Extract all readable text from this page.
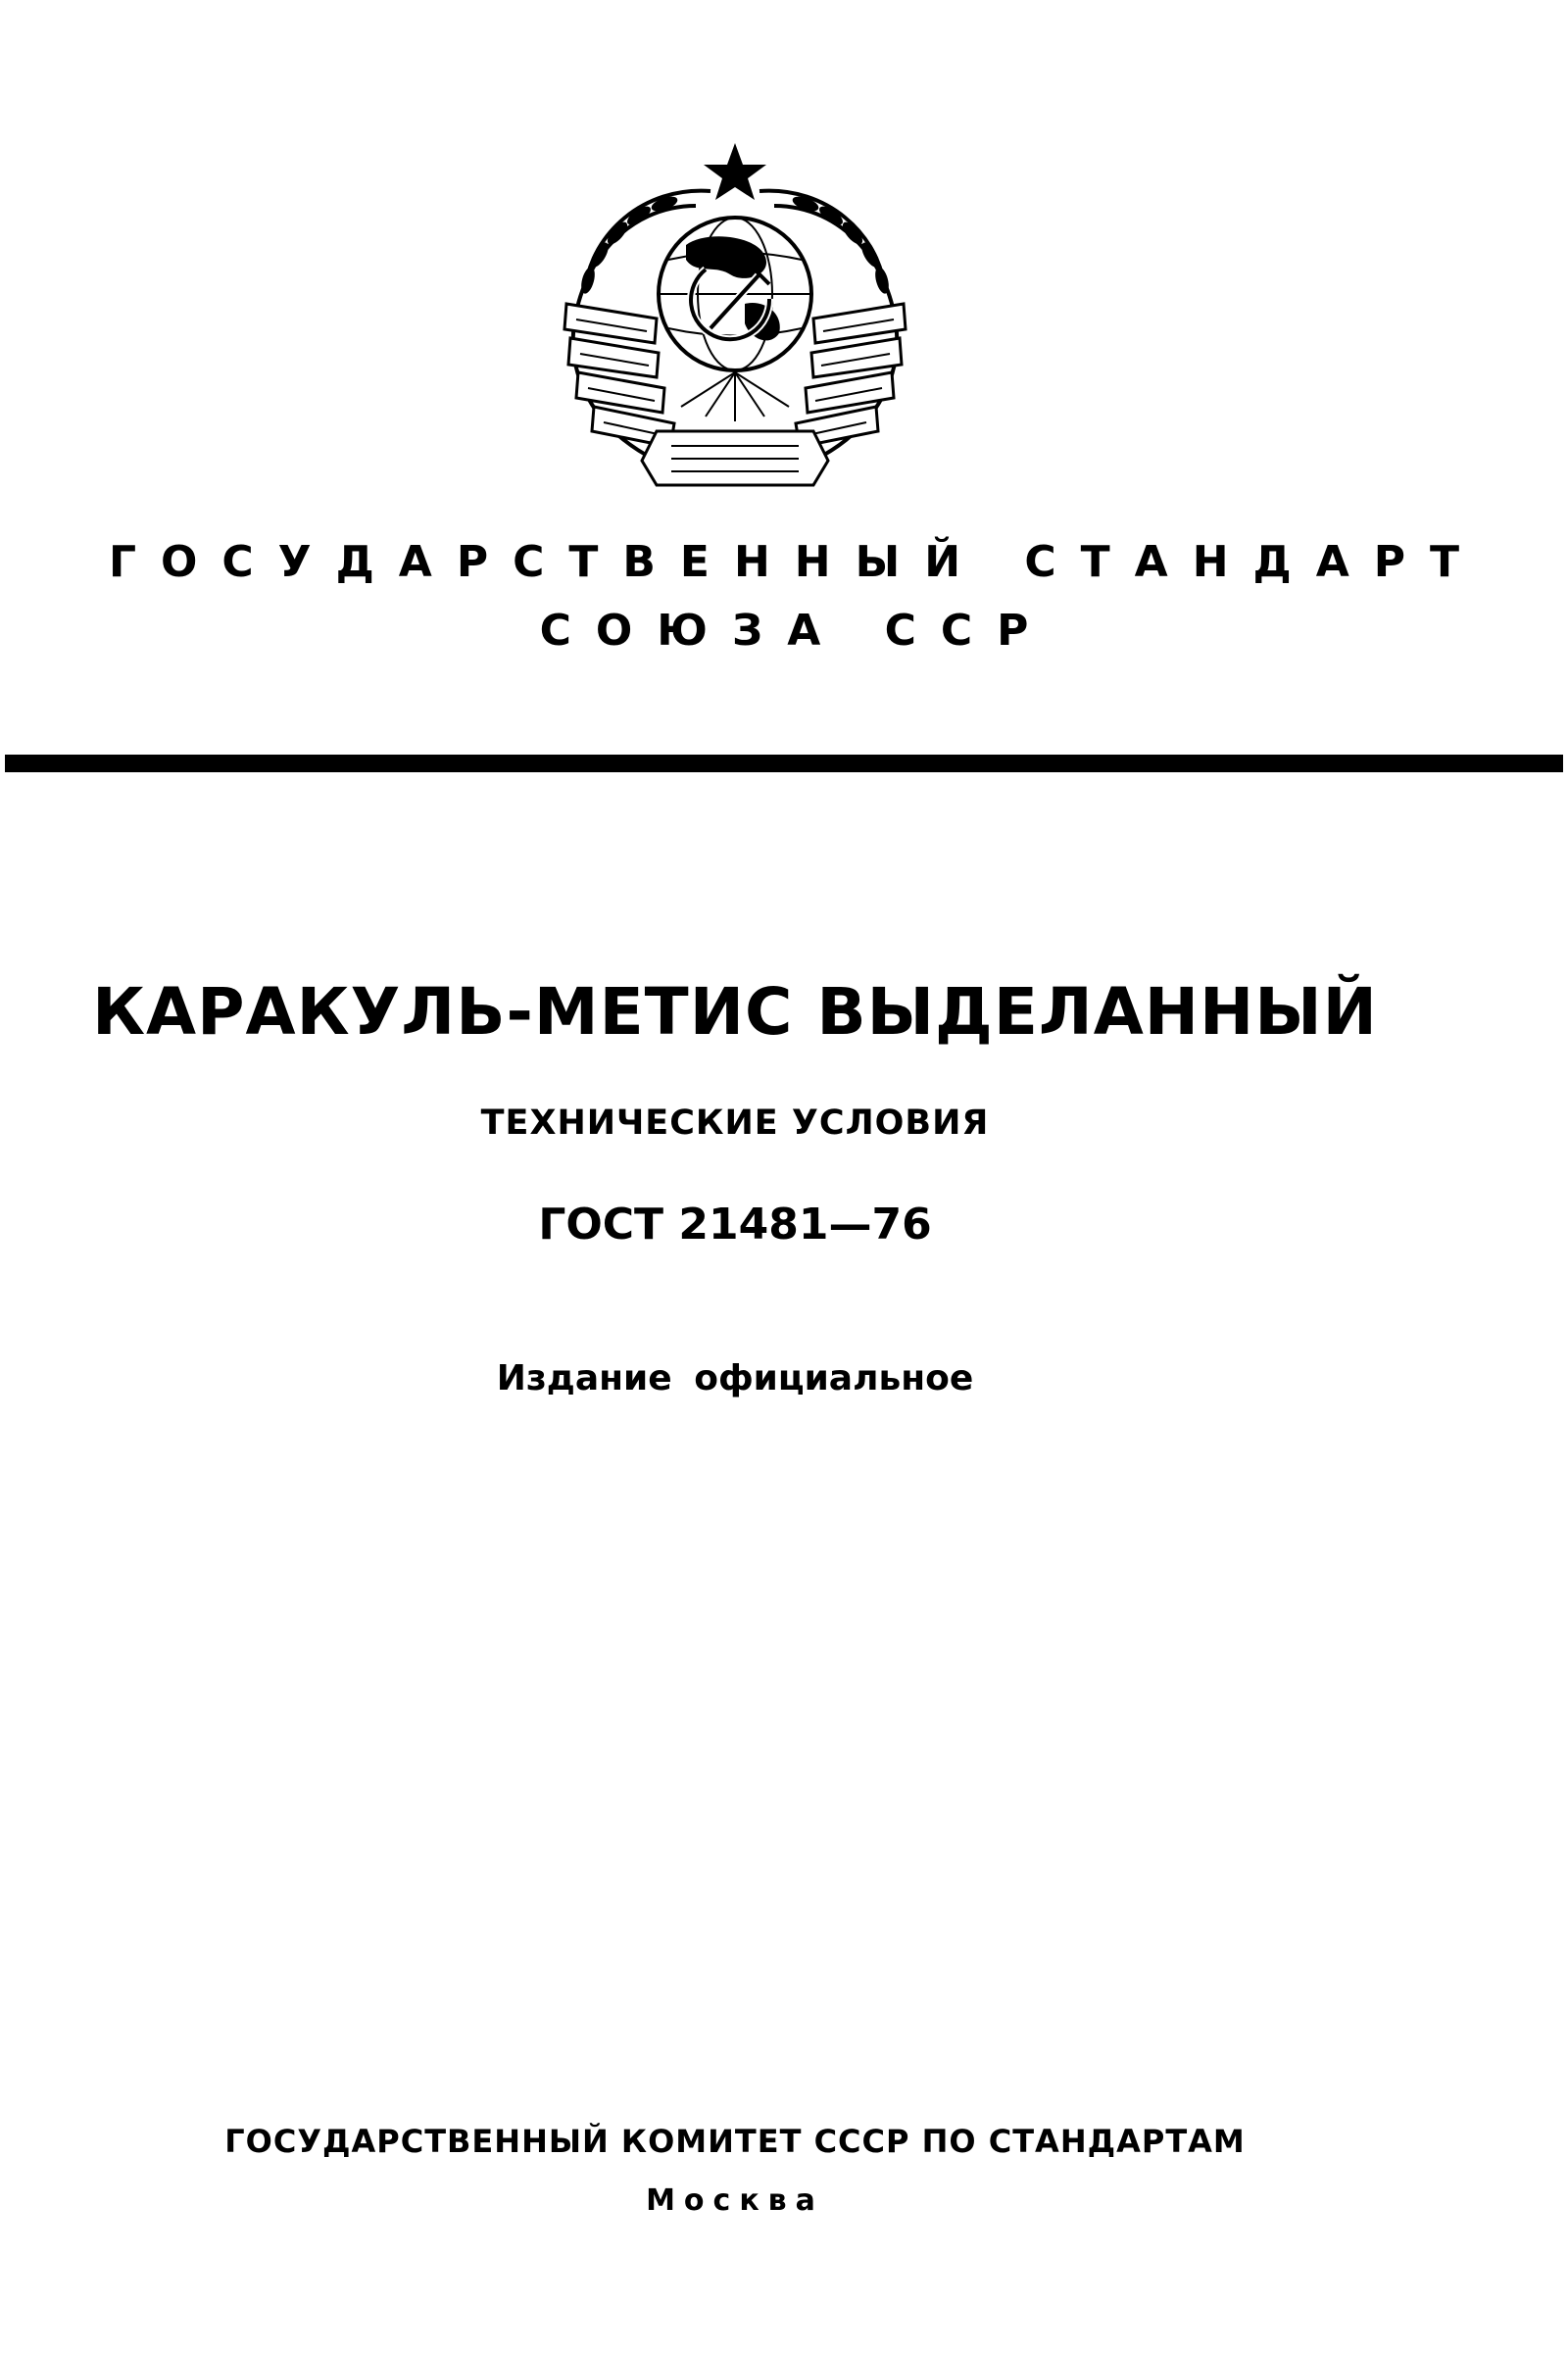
ГОСУДАРСТВЕННЫЙ СТАНДАРТ
СОЮЗА ССР
КАРАКУЛЬ-МЕТИС ВЫДЕЛАННЫЙ
ТЕХНИЧЕСКИЕ УСЛОВИЯ
ГОСТ 21481—76
Издание официальное
ГОСУДАРСТВЕННЫЙ КОМИТЕТ СССР ПО СТАНДАРТАМ
Москва
